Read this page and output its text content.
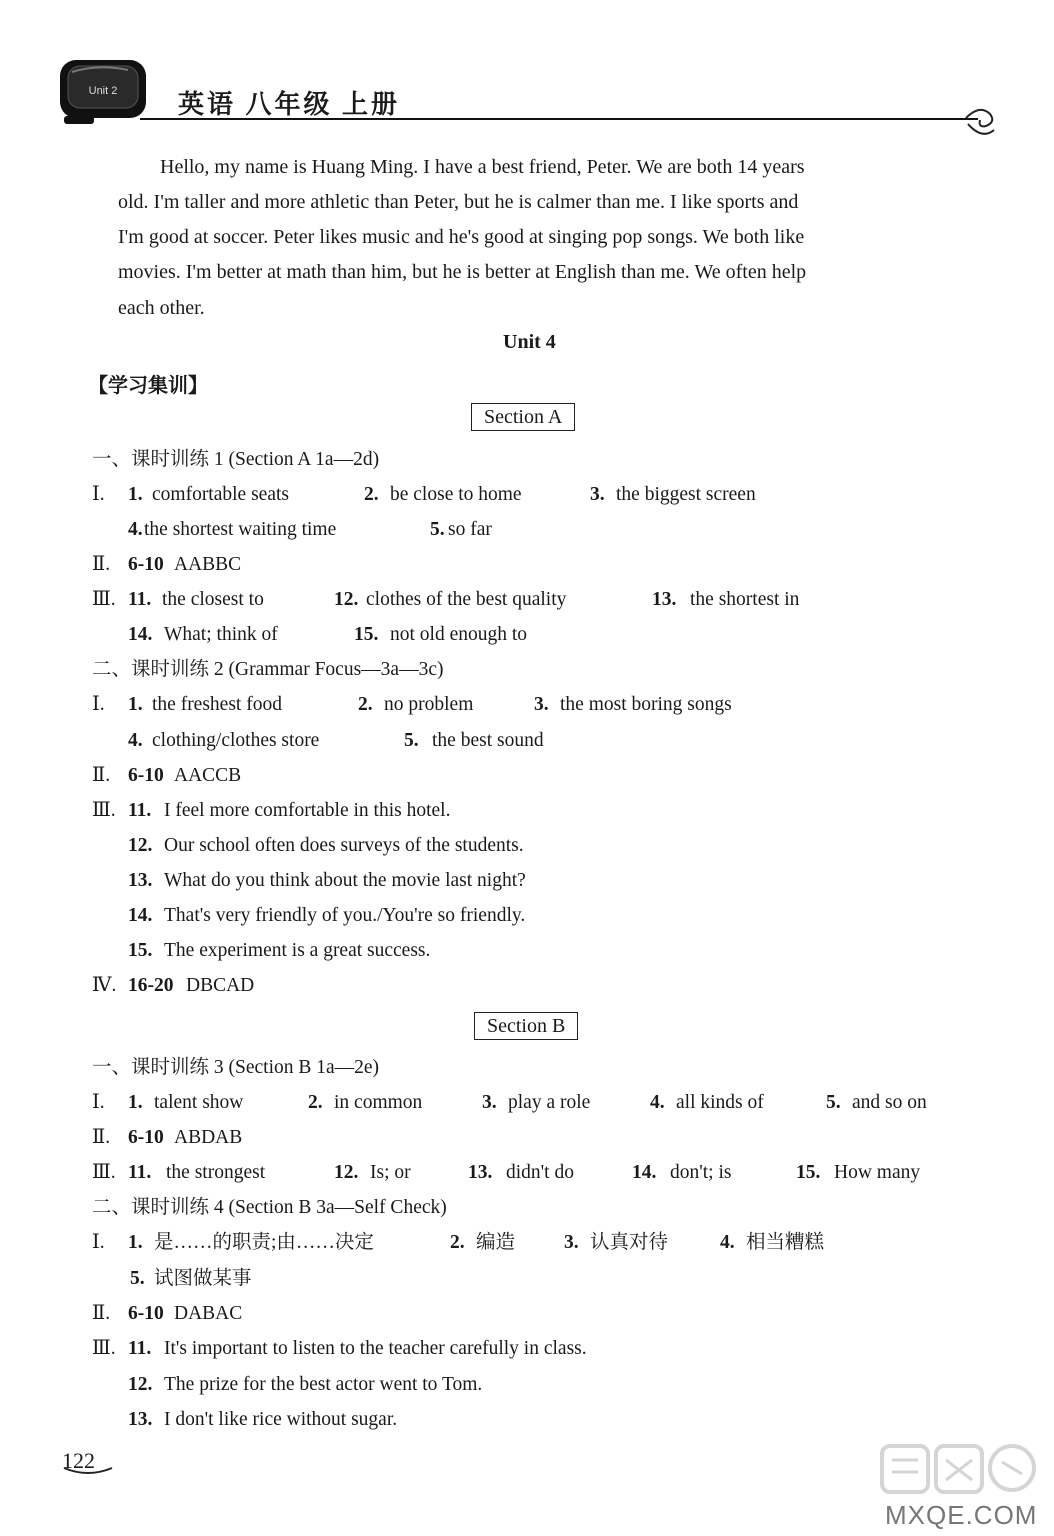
Unit 2 英语 八年级 上册
Hello, my name is Huang Ming. I have a best friend, Peter. We are both 14 years
old. I'm taller and more athletic than Peter, but he is calmer than me. I like sports and
I'm good at soccer. Peter likes music and he's good at singing pop songs. We both like
movies. I'm better at math than him, but he is better at English than me. We often help
each other.
Unit 4
【学习集训】
Section A
一、课时训练 1 (Section A 1a—2d)
Ⅰ. 1. comfortable seats	2. be close to home	3. the biggest screen
4. the shortest waiting time	5. so far
Ⅱ. 6-10 AABBC
Ⅲ. 11. the closest to	12. clothes of the best quality	13. the shortest in
14. What; think of	15. not old enough to
二、课时训练 2 (Grammar Focus—3a—3c)
Ⅰ. 1. the freshest food	2. no problem	3. the most boring songs
4. clothing/clothes store	5. the best sound
Ⅱ. 6-10 AACCB
Ⅲ. 11. I feel more comfortable in this hotel.
12. Our school often does surveys of the students.
13. What do you think about the movie last night?
14. That's very friendly of you./You're so friendly.
15. The experiment is a great success.
Ⅳ. 16-20 DBCAD
Section B
一、课时训练 3 (Section B 1a—2e)
Ⅰ. 1. talent show	2. in common	3. play a role	4. all kinds of	5. and so on
Ⅱ. 6-10 ABDAB
Ⅲ. 11. the strongest	12. Is; or	13. didn't do	14. don't; is	15. How many
二、课时训练 4 (Section B 3a—Self Check)
Ⅰ. 1. 是……的职责;由……决定	2. 编造	3. 认真对待	4. 相当糟糕
5. 试图做某事
Ⅱ. 6-10 DABAC
Ⅲ. 11. It's important to listen to the teacher carefully in class.
12. The prize for the best actor went to Tom.
13. I don't like rice without sugar.
122
MXQE.COM
